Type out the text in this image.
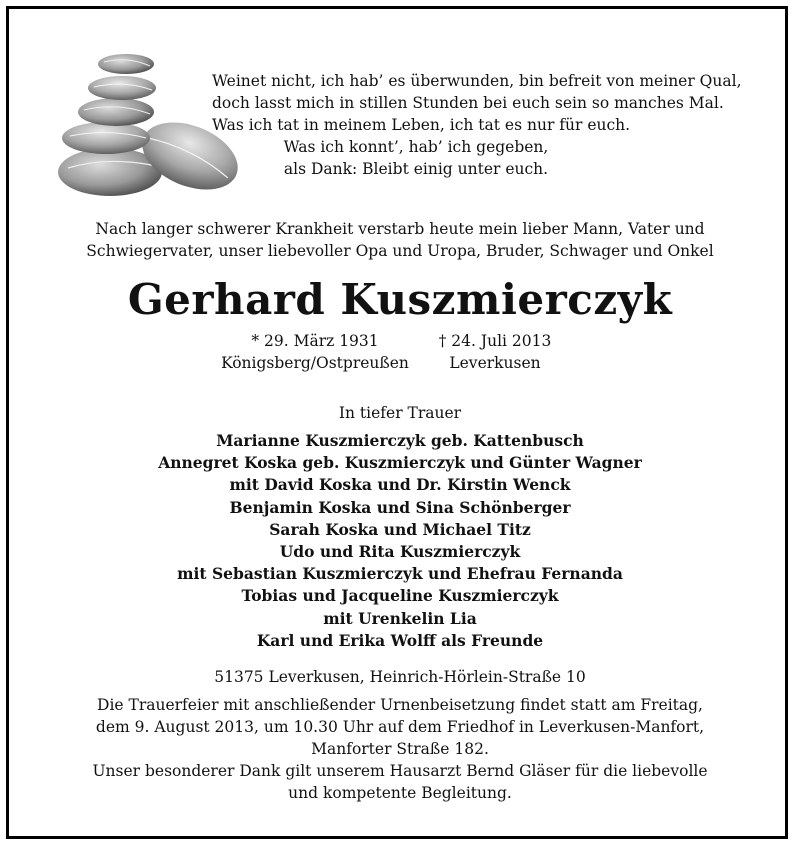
Weinet nicht, ich hab’ es überwunden, bin befreit von meiner Qual,
doch lasst mich in stillen Stunden bei euch sein so manches Mal.
Was ich tat in meinem Leben, ich tat es nur für euch.
Was ich konnt’, hab’ ich gegeben,
als Dank: Bleibt einig unter euch.
Nach langer schwerer Krankheit verstarb heute mein lieber Mann, Vater und
Schwiegervater, unser liebevoller Opa und Uropa, Bruder, Schwager und Onkel
Gerhard Kuszmierczyk
* 29. März 1931
Königsberg/Ostpreußen
† 24. Juli 2013
Leverkusen
In tiefer Trauer
Marianne Kuszmierczyk geb. Kattenbusch
Annegret Koska geb. Kuszmierczyk und Günter Wagner
mit David Koska und Dr. Kirstin Wenck
Benjamin Koska und Sina Schönberger
Sarah Koska und Michael Titz
Udo und Rita Kuszmierczyk
mit Sebastian Kuszmierczyk und Ehefrau Fernanda
Tobias und Jacqueline Kuszmierczyk
mit Urenkelin Lia
Karl und Erika Wolff als Freunde
51375 Leverkusen, Heinrich-Hörlein-Straße 10
Die Trauerfeier mit anschließender Urnenbeisetzung findet statt am Freitag,
dem 9. August 2013, um 10.30 Uhr auf dem Friedhof in Leverkusen-Manfort,
Manforter Straße 182.
Unser besonderer Dank gilt unserem Hausarzt Bernd Gläser für die liebevolle
und kompetente Begleitung.
